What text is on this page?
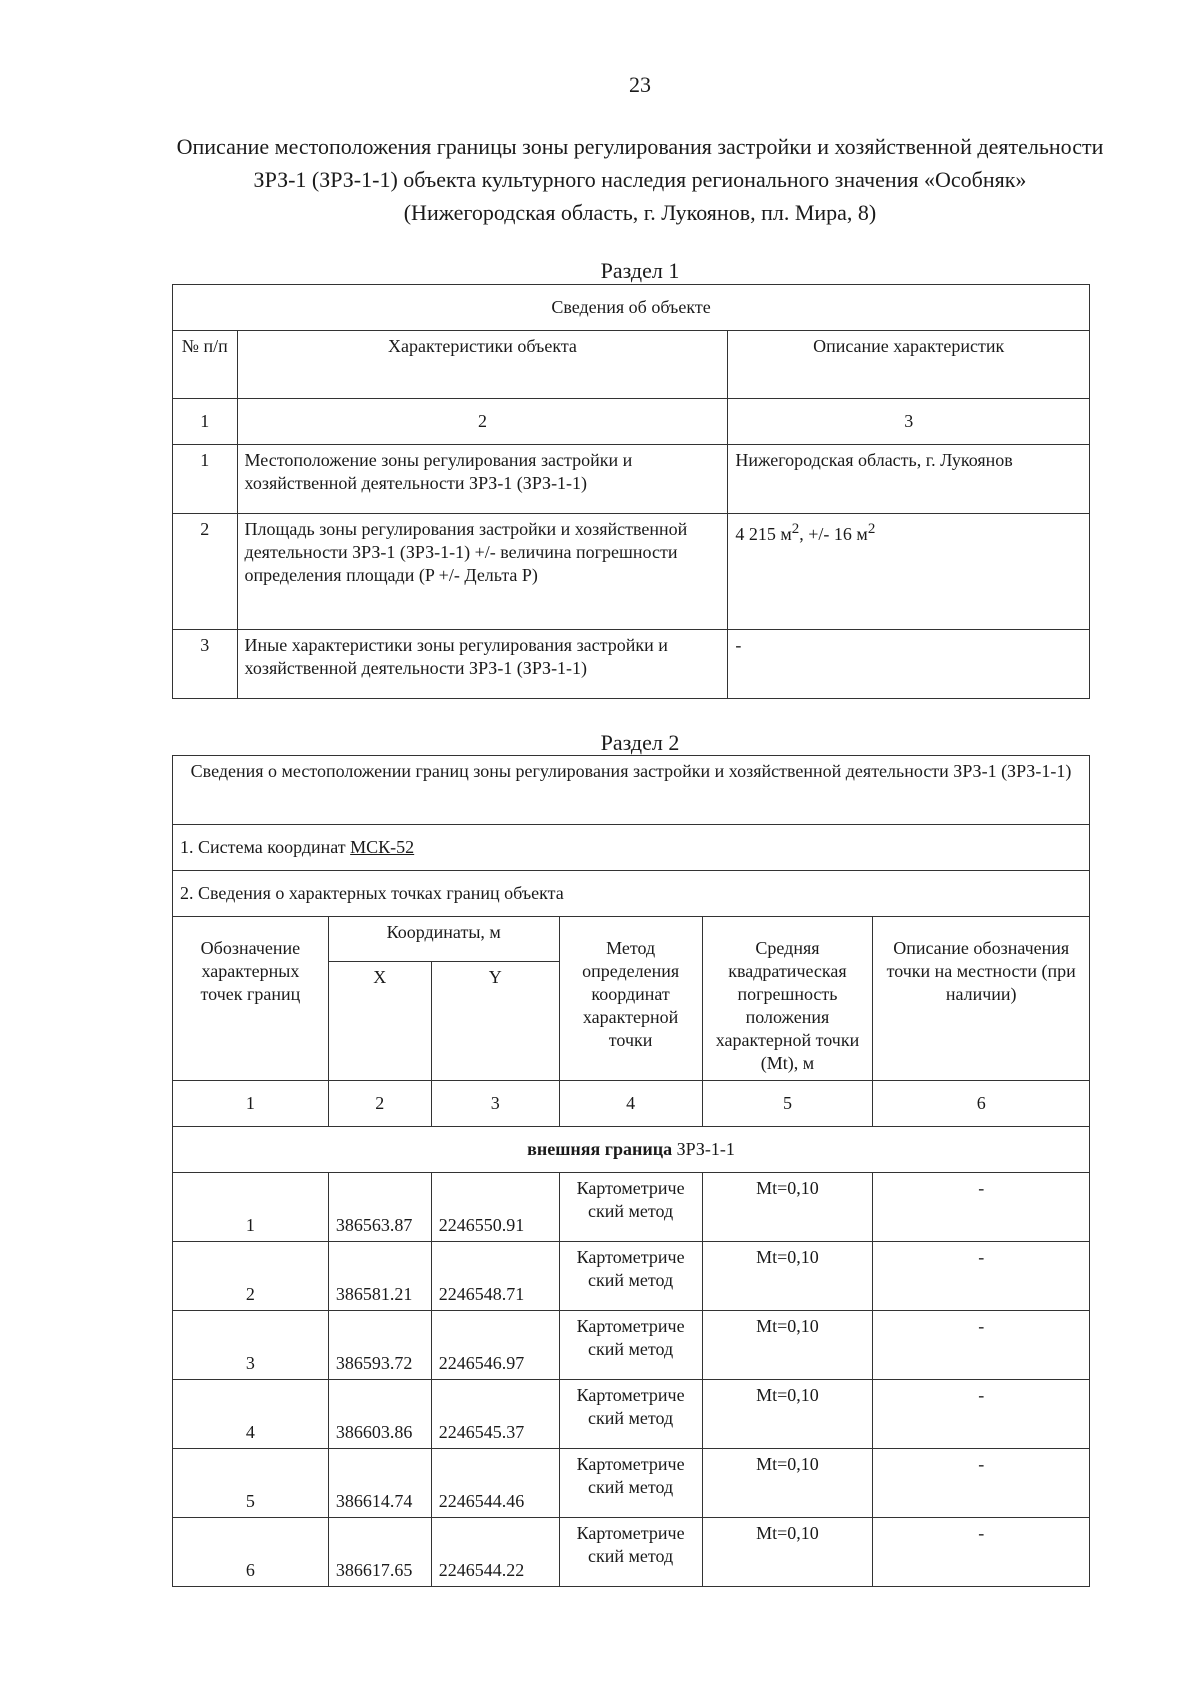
23
Описание местоположения границы зоны регулирования застройки и хозяйственной деятельности ЗРЗ-1 (ЗРЗ-1-1) объекта культурного наследия регионального значения «Особняк» (Нижегородская область, г. Лукоянов, пл. Мира, 8)
Раздел 1
Сведения об объекте		
№ п/п	Характеристики объекта	Описание характеристик
1	2	3
1	Местоположение зоны регулирования застройки и хозяйственной деятельности ЗРЗ-1 (ЗРЗ-1-1)	Нижегородская область, г. Лукоянов
2	Площадь зоны регулирования застройки и хозяйственной деятельности ЗРЗ-1 (ЗРЗ-1-1) +/- величина погрешности определения площади (P +/- Дельта P)	4 215 $м^2$, +/- 16 $м^2$
3	Иные характеристики зоны регулирования застройки и хозяйственной деятельности ЗРЗ-1 (ЗРЗ-1-1)	-
Раздел 2
Сведения о местоположении границ зоны регулирования застройки и хозяйственной деятельности ЗРЗ-1 (ЗРЗ-1-1)					
1. Система координат МСК-52					
2. Сведения о характерных точках границ объекта					
Обозначение характерных точек границ	Координаты, м		Метод определения координат характерной точки	Средняя квадратическая погрешность положения характерной точки (Mt), м	Описание обозначения точки на местности (при наличии)
	X	Y			
1	2	3	4	5	6
внешняя граница ЗРЗ-1-1					
1	386563.87	2246550.91	Картометриче ский метод	Mt=0,10	-
2	386581.21	2246548.71	Картометриче ский метод	Mt=0,10	-
3	386593.72	2246546.97	Картометриче ский метод	Mt=0,10	-
4	386603.86	2246545.37	Картометриче ский метод	Mt=0,10	-
5	386614.74	2246544.46	Картометриче ский метод	Mt=0,10	-
6	386617.65	2246544.22	Картометриче ский метод	Mt=0,10	-
